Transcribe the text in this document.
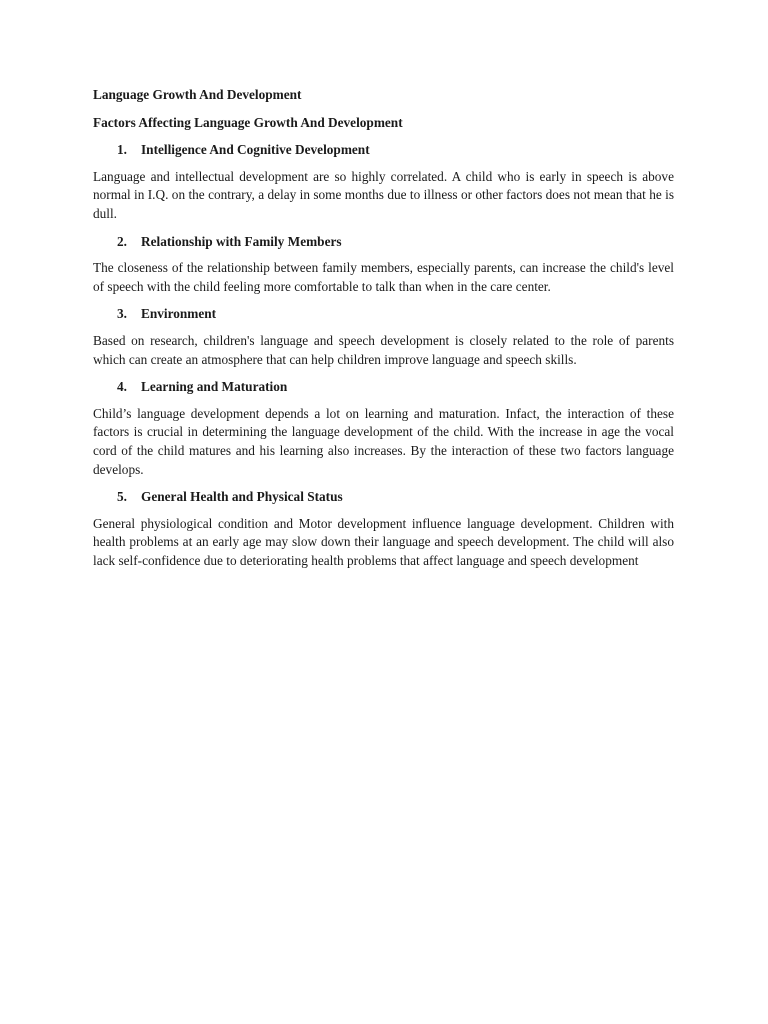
Language Growth And Development
Factors Affecting Language Growth And Development
1.	Intelligence And Cognitive Development
Language and intellectual development are so highly correlated. A child who is early in speech is above normal in I.Q. on the contrary, a delay in some months due to illness or other factors does not mean that he is dull.
2.	Relationship with Family Members
The closeness of the relationship between family members, especially parents, can increase the child's level of speech with the child feeling more comfortable to talk than when in the care center.
3.	Environment
Based on research, children's language and speech development is closely related to the role of parents which can create an atmosphere that can help children improve language and speech skills.
4.	Learning and Maturation
Child’s language development depends a lot on learning and maturation. Infact, the interaction of these factors is crucial in determining the language development of the child. With the increase in age the vocal cord of the child matures and his learning also increases. By the interaction of these two factors language develops.
5.	General Health and Physical Status
General physiological condition and Motor development influence language development. Children with health problems at an early age may slow down their language and speech development. The child will also lack self-confidence due to deteriorating health problems that affect language and speech development
